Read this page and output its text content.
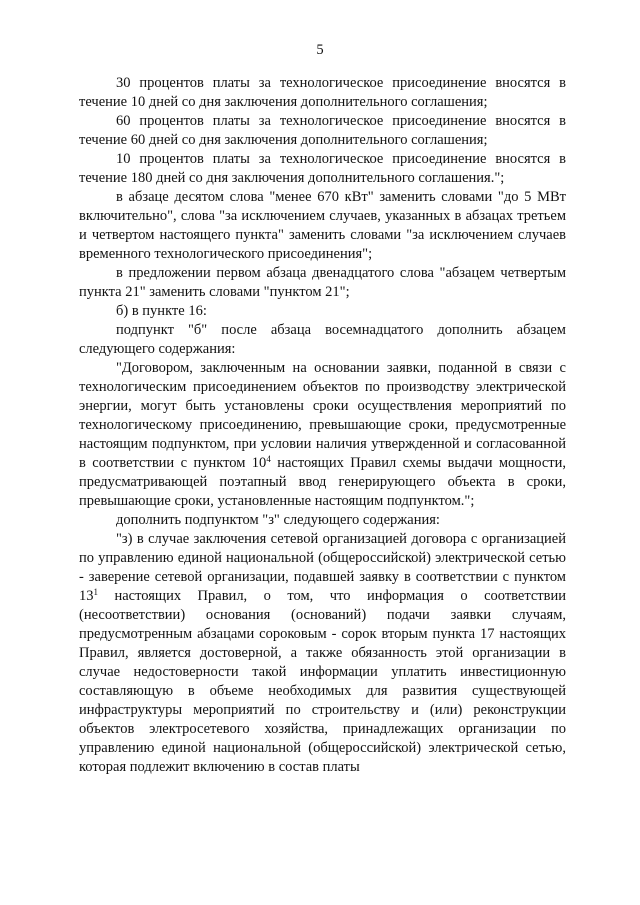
5

30 процентов платы за технологическое присоединение вносятся в течение 10 дней со дня заключения дополнительного соглашения;

60 процентов платы за технологическое присоединение вносятся в течение 60 дней со дня заключения дополнительного соглашения;

10 процентов платы за технологическое присоединение вносятся в течение 180 дней со дня заключения дополнительного соглашения.";

в абзаце десятом слова "менее 670 кВт" заменить словами "до 5 МВт включительно", слова "за исключением случаев, указанных в абзацах третьем и четвертом настоящего пункта" заменить словами "за исключением случаев временного технологического присоединения";

в предложении первом абзаца двенадцатого слова "абзацем четвертым пункта 21" заменить словами "пунктом 21";

б) в пункте 16:

подпункт "б" после абзаца восемнадцатого дополнить абзацем следующего содержания:

"Договором, заключенным на основании заявки, поданной в связи с технологическим присоединением объектов по производству электрической энергии, могут быть установлены сроки осуществления мероприятий по технологическому присоединению, превышающие сроки, предусмотренные настоящим подпунктом, при условии наличия утвержденной и согласованной в соответствии с пунктом $10^4$ настоящих Правил схемы выдачи мощности, предусматривающей поэтапный ввод генерирующего объекта в сроки, превышающие сроки, установленные настоящим подпунктом.";

дополнить подпунктом "з" следующего содержания:

"з) в случае заключения сетевой организацией договора с организацией по управлению единой национальной (общероссийской) электрической сетью - заверение сетевой организации, подавшей заявку в соответствии с пунктом $13^1$ настоящих Правил, о том, что информация о соответствии (несоответствии) основания (оснований) подачи заявки случаям, предусмотренным абзацами сороковым - сорок вторым пункта 17 настоящих Правил, является достоверной, а также обязанность этой организации в случае недостоверности такой информации уплатить инвестиционную составляющую в объеме необходимых для развития существующей инфраструктуры мероприятий по строительству и (или) реконструкции объектов электросетевого хозяйства, принадлежащих организации по управлению единой национальной (общероссийской) электрической сетью, которая подлежит включению в состав платы
